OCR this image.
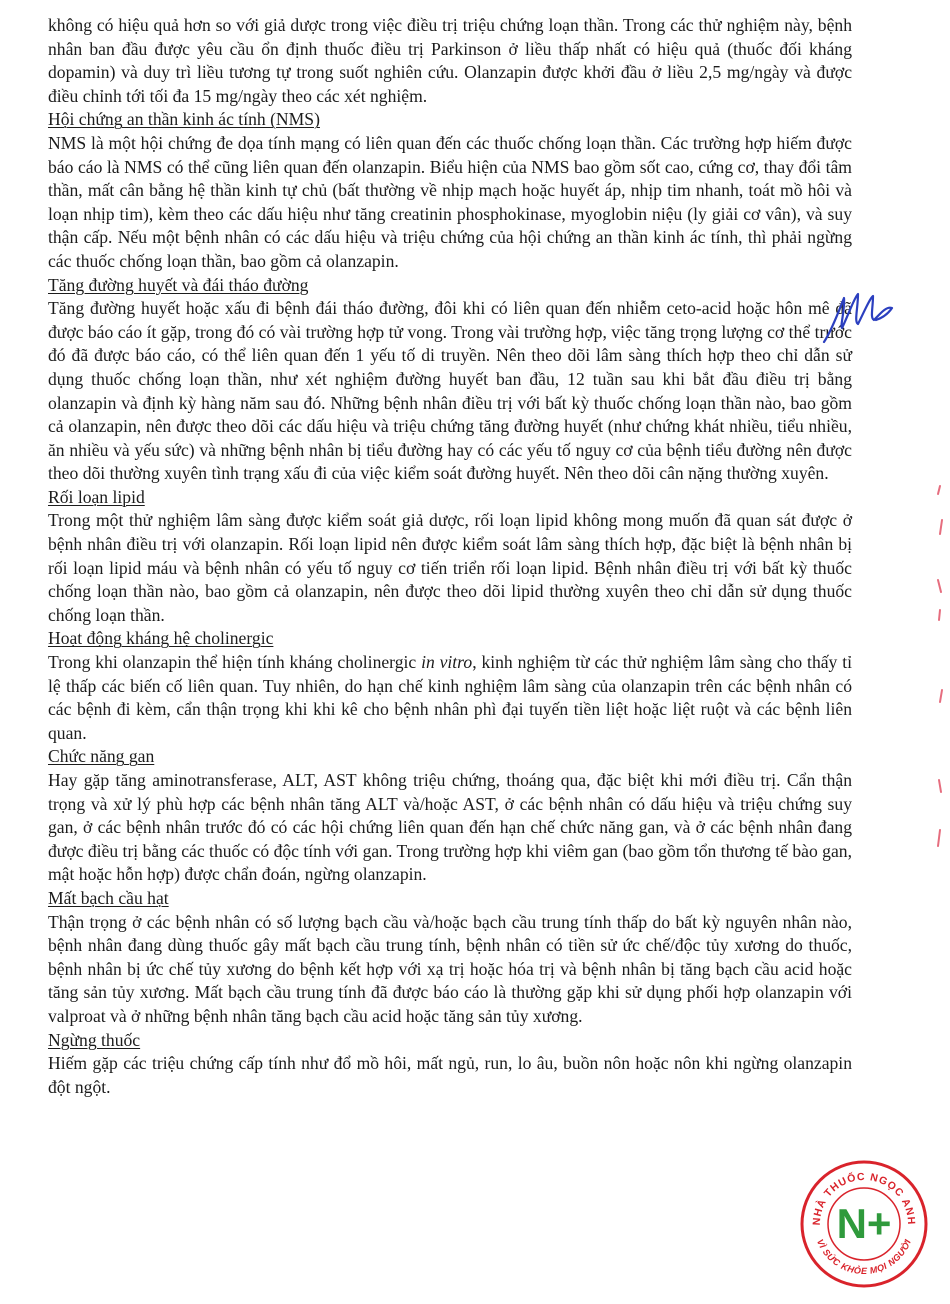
không có hiệu quả hơn so với giả dược trong việc điều trị triệu chứng loạn thần. Trong các thử nghiệm này, bệnh nhân ban đầu được yêu cầu ổn định thuốc điều trị Parkinson ở liều thấp nhất có hiệu quả (thuốc đối kháng dopamin) và duy trì liều tương tự trong suốt nghiên cứu. Olanzapin được khởi đầu ở liều 2,5 mg/ngày và được điều chỉnh tới tối đa 15 mg/ngày theo các xét nghiệm.

Hội chứng an thần kinh ác tính (NMS)

NMS là một hội chứng đe dọa tính mạng có liên quan đến các thuốc chống loạn thần. Các trường hợp hiếm được báo cáo là NMS có thể cũng liên quan đến olanzapin. Biểu hiện của NMS bao gồm sốt cao, cứng cơ, thay đổi tâm thần, mất cân bằng hệ thần kinh tự chủ (bất thường về nhịp mạch hoặc huyết áp, nhịp tim nhanh, toát mồ hôi và loạn nhịp tim), kèm theo các dấu hiệu như tăng creatinin phosphokinase, myoglobin niệu (ly giải cơ vân), và suy thận cấp. Nếu một bệnh nhân có các dấu hiệu và triệu chứng của hội chứng an thần kinh ác tính, thì phải ngừng các thuốc chống loạn thần, bao gồm cả olanzapin.

Tăng đường huyết và đái tháo đường

Tăng đường huyết hoặc xấu đi bệnh đái tháo đường, đôi khi có liên quan đến nhiễm ceto-acid hoặc hôn mê đã được báo cáo ít gặp, trong đó có vài trường hợp tử vong. Trong vài trường hợp, việc tăng trọng lượng cơ thể trước đó đã được báo cáo, có thể liên quan đến 1 yếu tố di truyền. Nên theo dõi lâm sàng thích hợp theo chỉ dẫn sử dụng thuốc chống loạn thần, như xét nghiệm đường huyết ban đầu, 12 tuần sau khi bắt đầu điều trị bằng olanzapin và định kỳ hàng năm sau đó. Những bệnh nhân điều trị với bất kỳ thuốc chống loạn thần nào, bao gồm cả olanzapin, nên được theo dõi các dấu hiệu và triệu chứng tăng đường huyết (như chứng khát nhiều, tiểu nhiều, ăn nhiều và yếu sức) và những bệnh nhân bị tiểu đường hay có các yếu tố nguy cơ của bệnh tiểu đường nên được theo dõi thường xuyên tình trạng xấu đi của việc kiểm soát đường huyết. Nên theo dõi cân nặng thường xuyên.

Rối loạn lipid

Trong một thử nghiệm lâm sàng được kiểm soát giả dược, rối loạn lipid không mong muốn đã quan sát được ở bệnh nhân điều trị với olanzapin. Rối loạn lipid nên được kiểm soát lâm sàng thích hợp, đặc biệt là bệnh nhân bị rối loạn lipid máu và bệnh nhân có yếu tố nguy cơ tiến triển rối loạn lipid. Bệnh nhân điều trị với bất kỳ thuốc chống loạn thần nào, bao gồm cả olanzapin, nên được theo dõi lipid thường xuyên theo chỉ dẫn sử dụng thuốc chống loạn thần.

Hoạt động kháng hệ cholinergic

Trong khi olanzapin thể hiện tính kháng cholinergic in vitro, kinh nghiệm từ các thử nghiệm lâm sàng cho thấy tỉ lệ thấp các biến cố liên quan. Tuy nhiên, do hạn chế kinh nghiệm lâm sàng của olanzapin trên các bệnh nhân có các bệnh đi kèm, cẩn thận trọng khi khi kê cho bệnh nhân phì đại tuyến tiền liệt hoặc liệt ruột và các bệnh liên quan.

Chức năng gan

Hay gặp tăng aminotransferase, ALT, AST không triệu chứng, thoáng qua, đặc biệt khi mới điều trị. Cẩn thận trọng và xử lý phù hợp các bệnh nhân tăng ALT và/hoặc AST, ở các bệnh nhân có dấu hiệu và triệu chứng suy gan, ở các bệnh nhân trước đó có các hội chứng liên quan đến hạn chế chức năng gan, và ở các bệnh nhân đang được điều trị bằng các thuốc có độc tính với gan. Trong trường hợp khi viêm gan (bao gồm tổn thương tế bào gan, mật hoặc hỗn hợp) được chẩn đoán, ngừng olanzapin.

Mất bạch cầu hạt

Thận trọng ở các bệnh nhân có số lượng bạch cầu và/hoặc bạch cầu trung tính thấp do bất kỳ nguyên nhân nào, bệnh nhân đang dùng thuốc gây mất bạch cầu trung tính, bệnh nhân có tiền sử ức chế/độc tủy xương do thuốc, bệnh nhân bị ức chế tủy xương do bệnh kết hợp với xạ trị hoặc hóa trị và bệnh nhân bị tăng bạch cầu acid hoặc tăng sản tủy xương. Mất bạch cầu trung tính đã được báo cáo là thường gặp khi sử dụng phối hợp olanzapin với valproat và ở những bệnh nhân tăng bạch cầu acid hoặc tăng sản tủy xương.

Ngừng thuốc

Hiếm gặp các triệu chứng cấp tính như đổ mồ hôi, mất ngủ, run, lo âu, buồn nôn hoặc nôn khi ngừng olanzapin đột ngột.

NHÀ THUỐC NGỌC ANH
VÌ SỨC KHỎE MỌI NGƯỜI
N+
